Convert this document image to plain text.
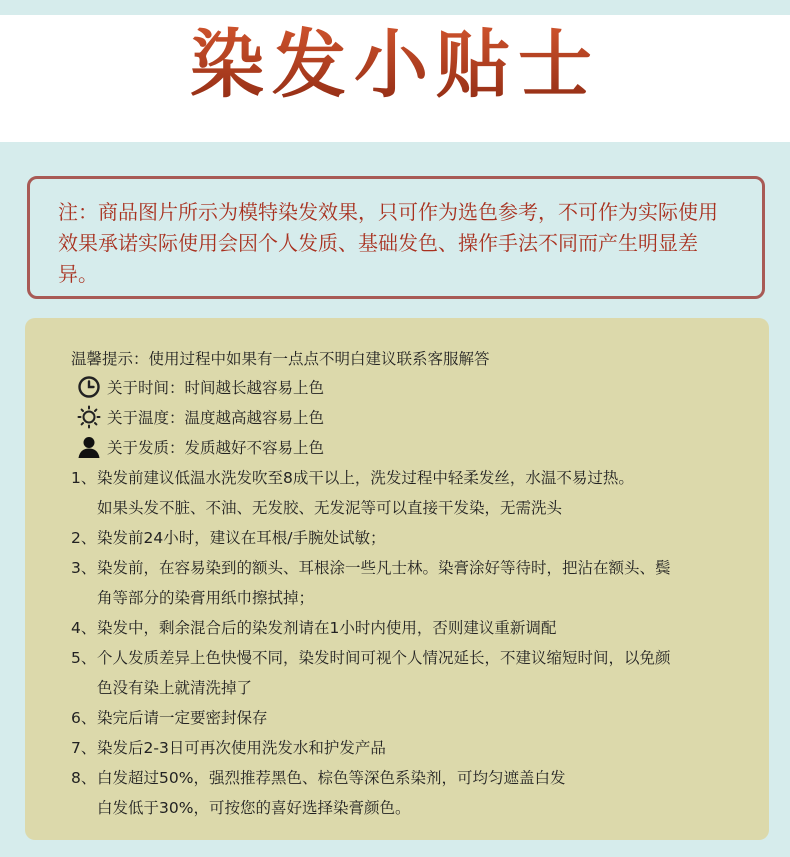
染发小贴士
注：商品图片所示为模特染发效果，只可作为选色参考，不可作为实际使用效果承诺实际使用会因个人发质、基础发色、操作手法不同而产生明显差异。
温馨提示：使用过程中如果有一点点不明白建议联系客服解答
关于时间：时间越长越容易上色
关于温度：温度越高越容易上色
关于发质：发质越好不容易上色
1、 染发前建议低温水洗发吹至8成干以上，洗发过程中轻柔发丝，水温不易过热。
如果头发不脏、不油、无发胶、无发泥等可以直接干发染，无需洗头
2、 染发前24小时，建议在耳根/手腕处试敏；
3、 染发前，在容易染到的额头、耳根涂一些凡士林。染膏涂好等待时，把沾在额头、鬓
角等部分的染膏用纸巾擦拭掉；
4、 染发中，剩余混合后的染发剂请在1小时内使用，否则建议重新调配
5、 个人发质差异上色快慢不同，染发时间可视个人情况延长，不建议缩短时间，以免颜
色没有染上就清洗掉了
6、 染完后请一定要密封保存
7、 染发后2-3日可再次使用洗发水和护发产品
8、 白发超过50%，强烈推荐黑色、棕色等深色系染剂，可均匀遮盖白发
白发低于30%，可按您的喜好选择染膏颜色。
